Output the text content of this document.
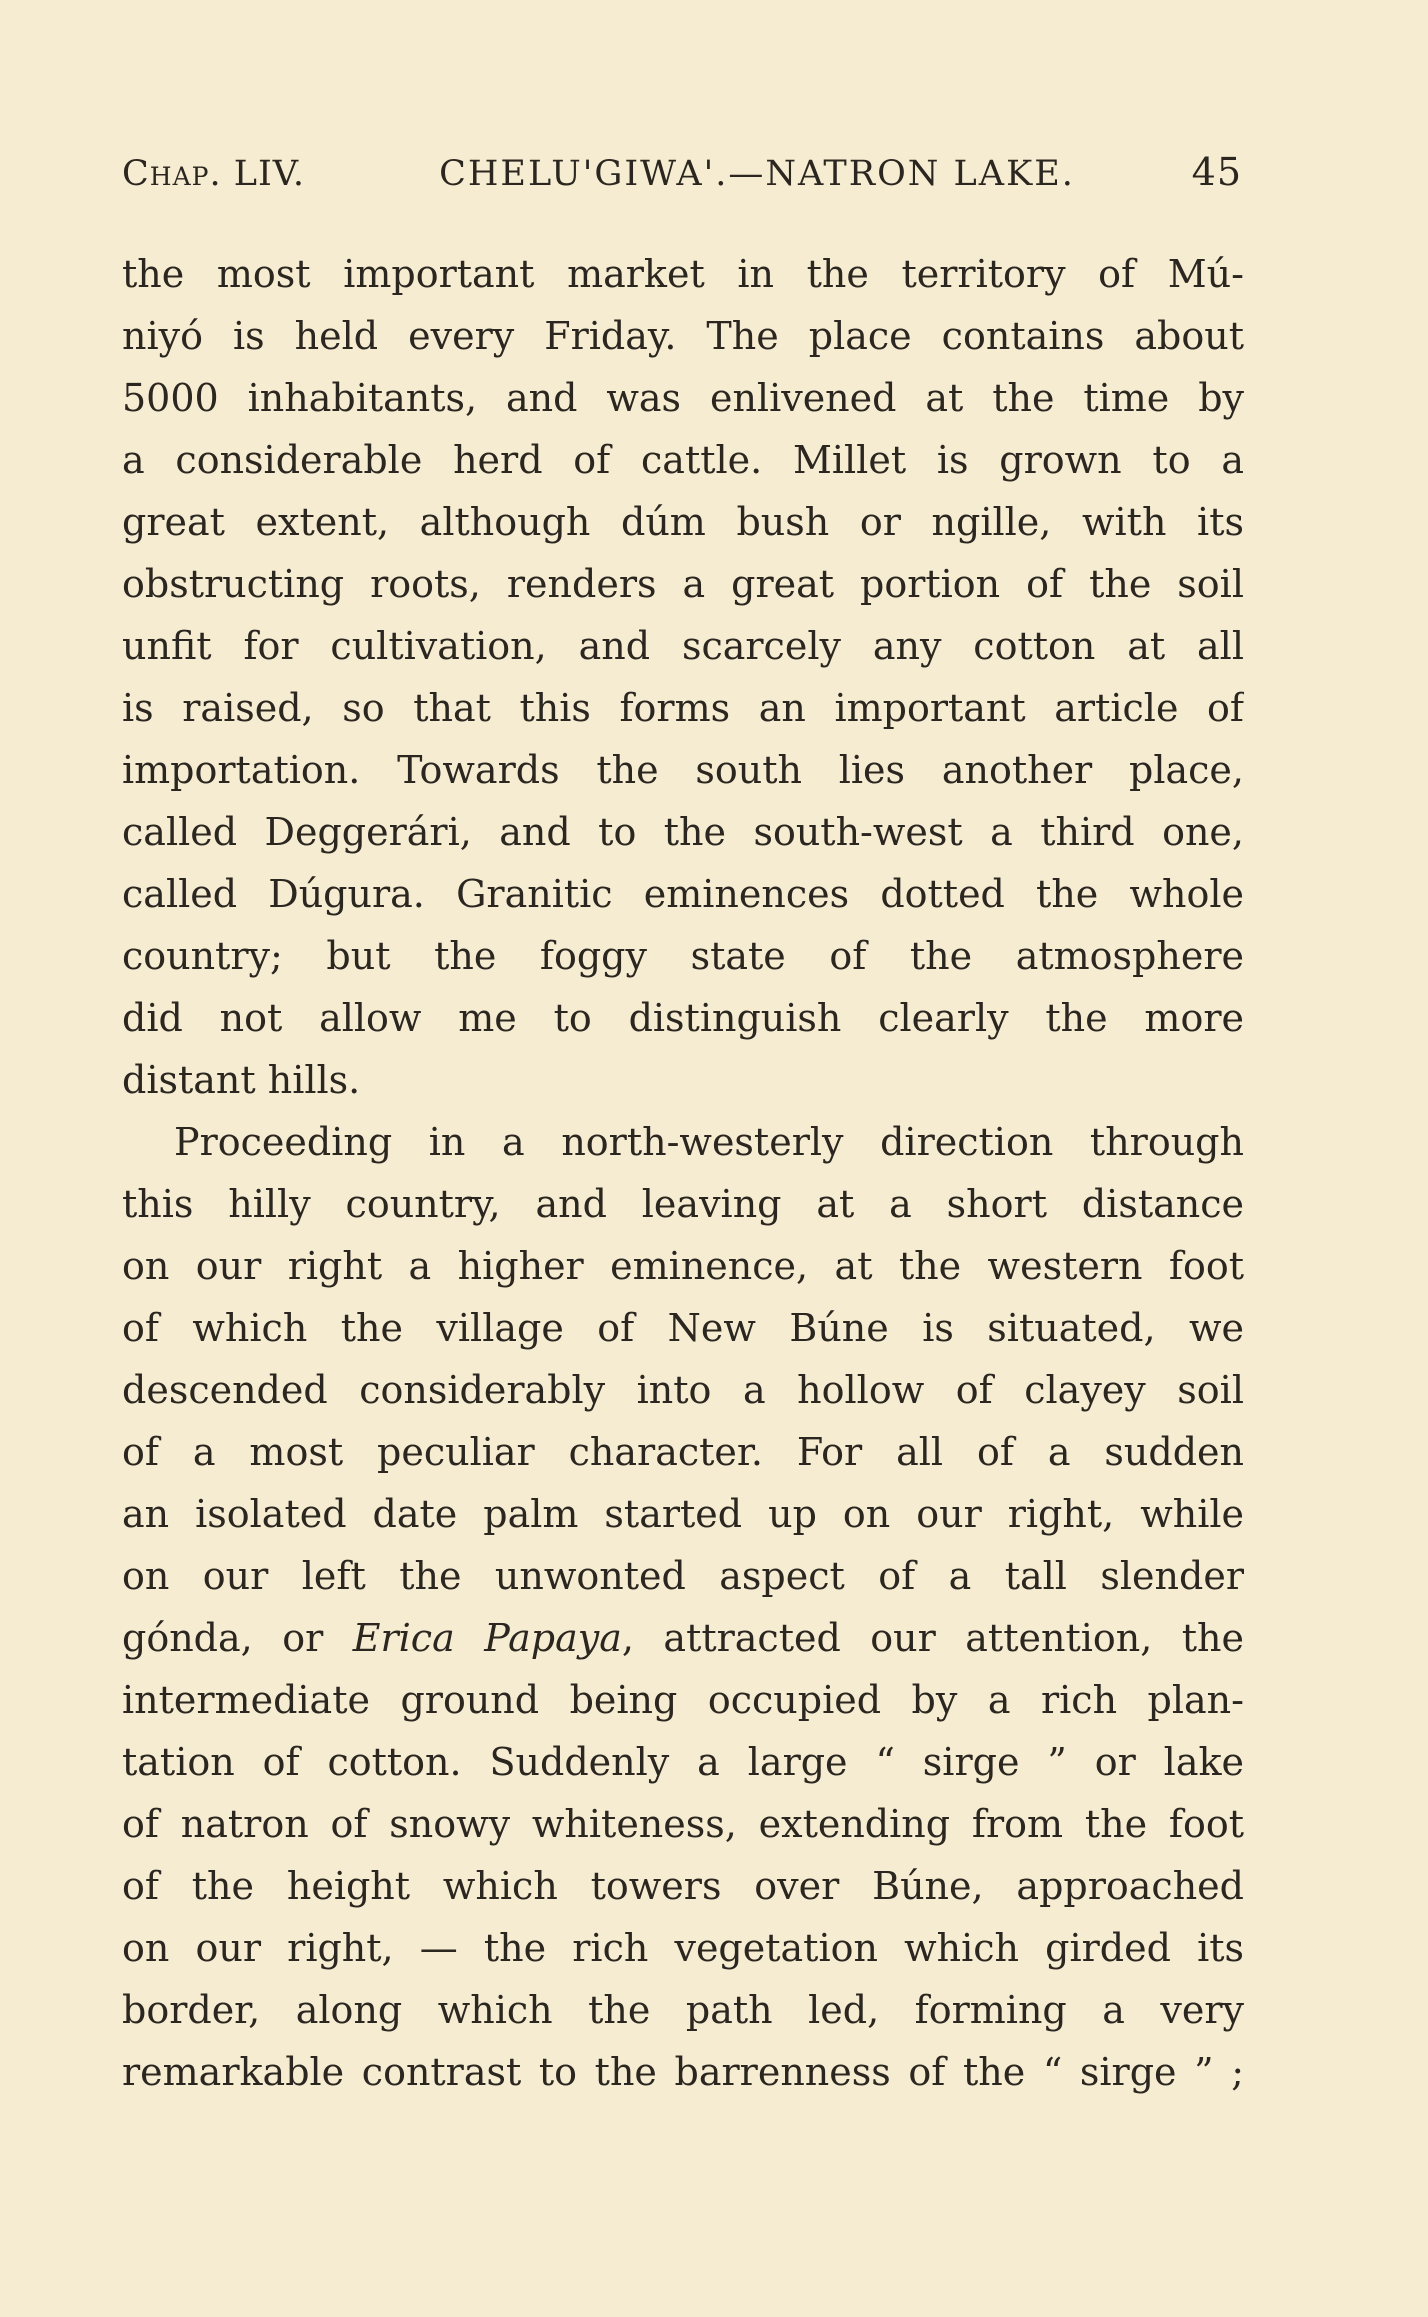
Chap. LIV.	CHELU'GIWA'.—NATRON LAKE.	45
the most important market in the territory of Mú-
niyó is held every Friday. The place contains about
5000 inhabitants, and was enlivened at the time by
a considerable herd of cattle. Millet is grown to a
great extent, although dúm bush or ngille, with its
obstructing roots, renders a great portion of the soil
unfit for cultivation, and scarcely any cotton at all
is raised, so that this forms an important article of
importation. Towards the south lies another place,
called Deggerári, and to the south-west a third one,
called Dúgura. Granitic eminences dotted the whole
country; but the foggy state of the atmosphere
did not allow me to distinguish clearly the more
distant hills.
Proceeding in a north-westerly direction through
this hilly country, and leaving at a short distance
on our right a higher eminence, at the western foot
of which the village of New Búne is situated, we
descended considerably into a hollow of clayey soil
of a most peculiar character. For all of a sudden
an isolated date palm started up on our right, while
on our left the unwonted aspect of a tall slender
gónda, or Erica Papaya, attracted our attention, the
intermediate ground being occupied by a rich plan-
tation of cotton. Suddenly a large “ sirge ” or lake
of natron of snowy whiteness, extending from the foot
of the height which towers over Búne, approached
on our right, — the rich vegetation which girded its
border, along which the path led, forming a very
remarkable contrast to the barrenness of the “ sirge ” ;
